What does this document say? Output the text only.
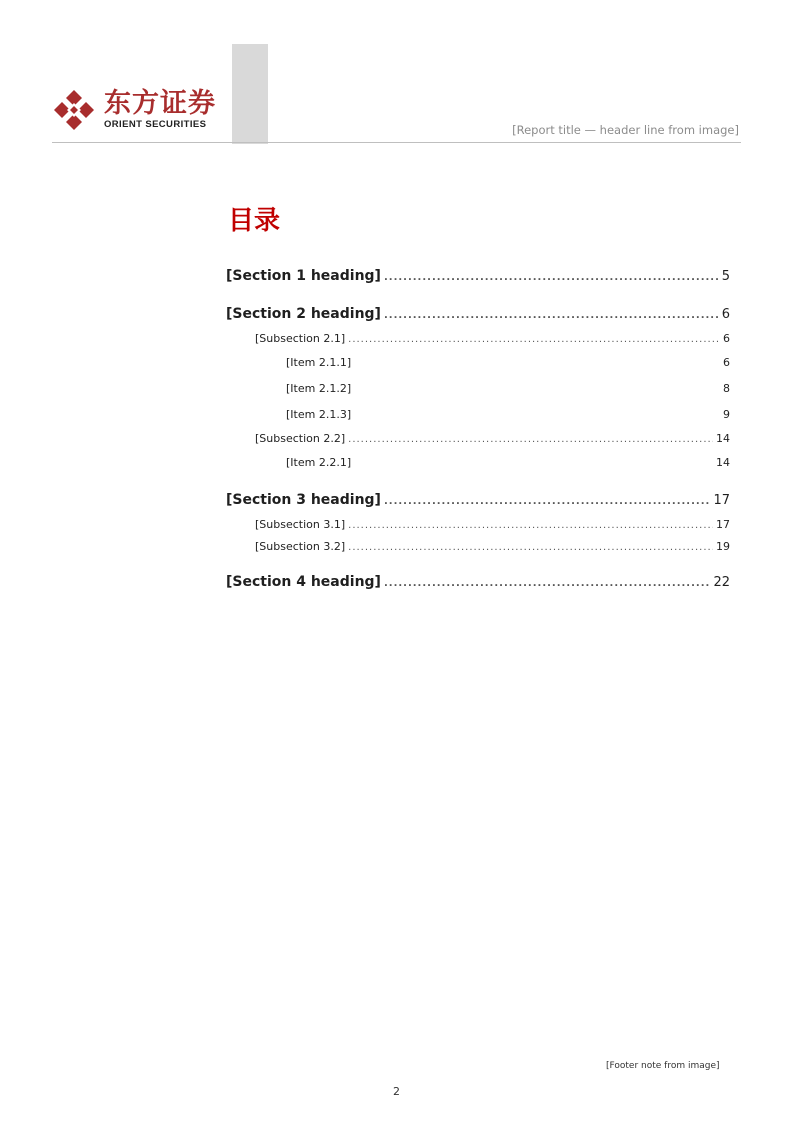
东方证券
ORIENT SECURITIES	[Report title — header line from image]
目录
[Section 1 heading] .....	5
[Section 2 heading] .....	6
[Subsection 2.1] .....	6
[Item 2.1.1]	6
[Item 2.1.2]	8
[Item 2.1.3]	9
[Subsection 2.2] .....	14
[Item 2.2.1]	14
[Section 3 heading] .....	17
[Subsection 3.1] .....	17
[Subsection 3.2] .....	19
[Section 4 heading] .....	22
[Footer note from image]
2
